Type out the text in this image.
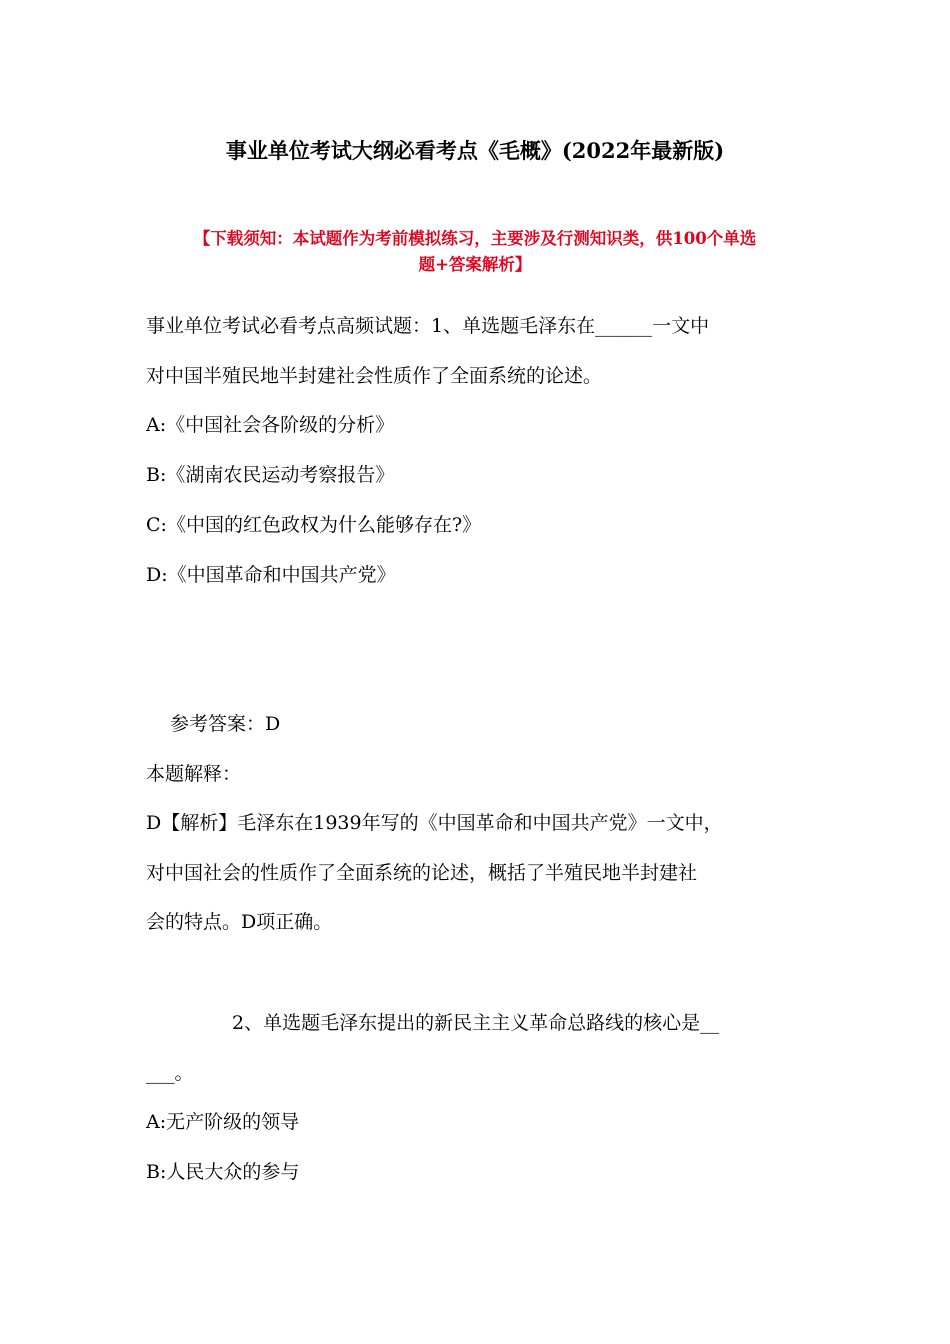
事业单位考试大纲必看考点《毛概》(2022年最新版)
【下载须知：本试题作为考前模拟练习，主要涉及行测知识类，供100个单选
题+答案解析】
事业单位考试必看考点高频试题：1、单选题毛泽东在______一文中
对中国半殖民地半封建社会性质作了全面系统的论述。
A:《中国社会各阶级的分析》
B:《湖南农民运动考察报告》
C:《中国的红色政权为什么能够存在?》
D:《中国革命和中国共产党》
参考答案：D
本题解释：
D【解析】毛泽东在1939年写的《中国革命和中国共产党》一文中，
对中国社会的性质作了全面系统的论述，概括了半殖民地半封建社
会的特点。D项正确。
2、单选题毛泽东提出的新民主主义革命总路线的核心是__
___。
A:无产阶级的领导
B:人民大众的参与
